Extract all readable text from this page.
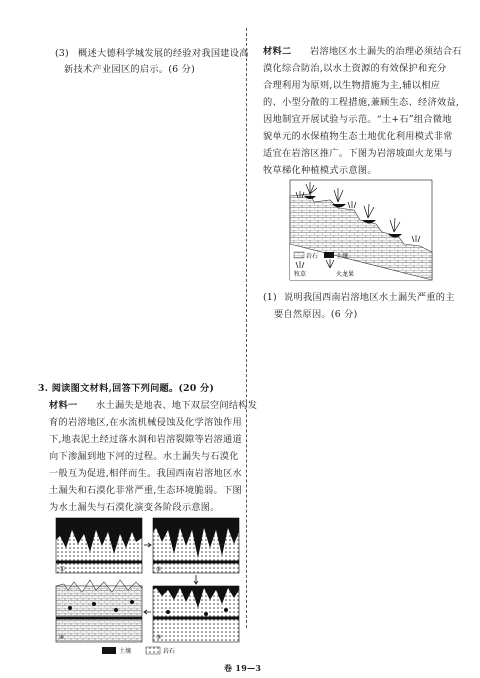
(3) 概述大德科学城发展的经验对我国建设高
新技术产业园区的启示。(6 分)
3. 阅读图文材料,回答下列问题。(20 分)
材料一 水土漏失是地表、地下双层空间结构发
育的岩溶地区,在水流机械侵蚀及化学溶蚀作用
下,地表泥土经过落水洞和岩溶裂隙等岩溶通道
向下渗漏到地下河的过程。水土漏失与石漠化
一般互为促进,相伴而生。我国西南岩溶地区水
土漏失和石漠化非常严重,生态环境脆弱。下图
为水土漏失与石漠化演变各阶段示意图。
①	②
④	③
土壤	岩石
材料二 岩溶地区水土漏失的治理必须结合石
漠化综合防治,以水土资源的有效保护和充分
合理利用为原则,以生物措施为主,辅以相应
的、小型分散的工程措施,兼顾生态、经济效益,
因地制宜开展试验与示范。“土+石”组合微地
貌单元的水保植物生态土地优化利用模式非常
适宜在岩溶区推广。下图为岩溶坡面火龙果与
牧草梯化种植模式示意图。
岩石	土壤
牧草	火龙果
(1) 说明我国西南岩溶地区水土漏失严重的主
要自然原因。(6 分)
卷 19—3
